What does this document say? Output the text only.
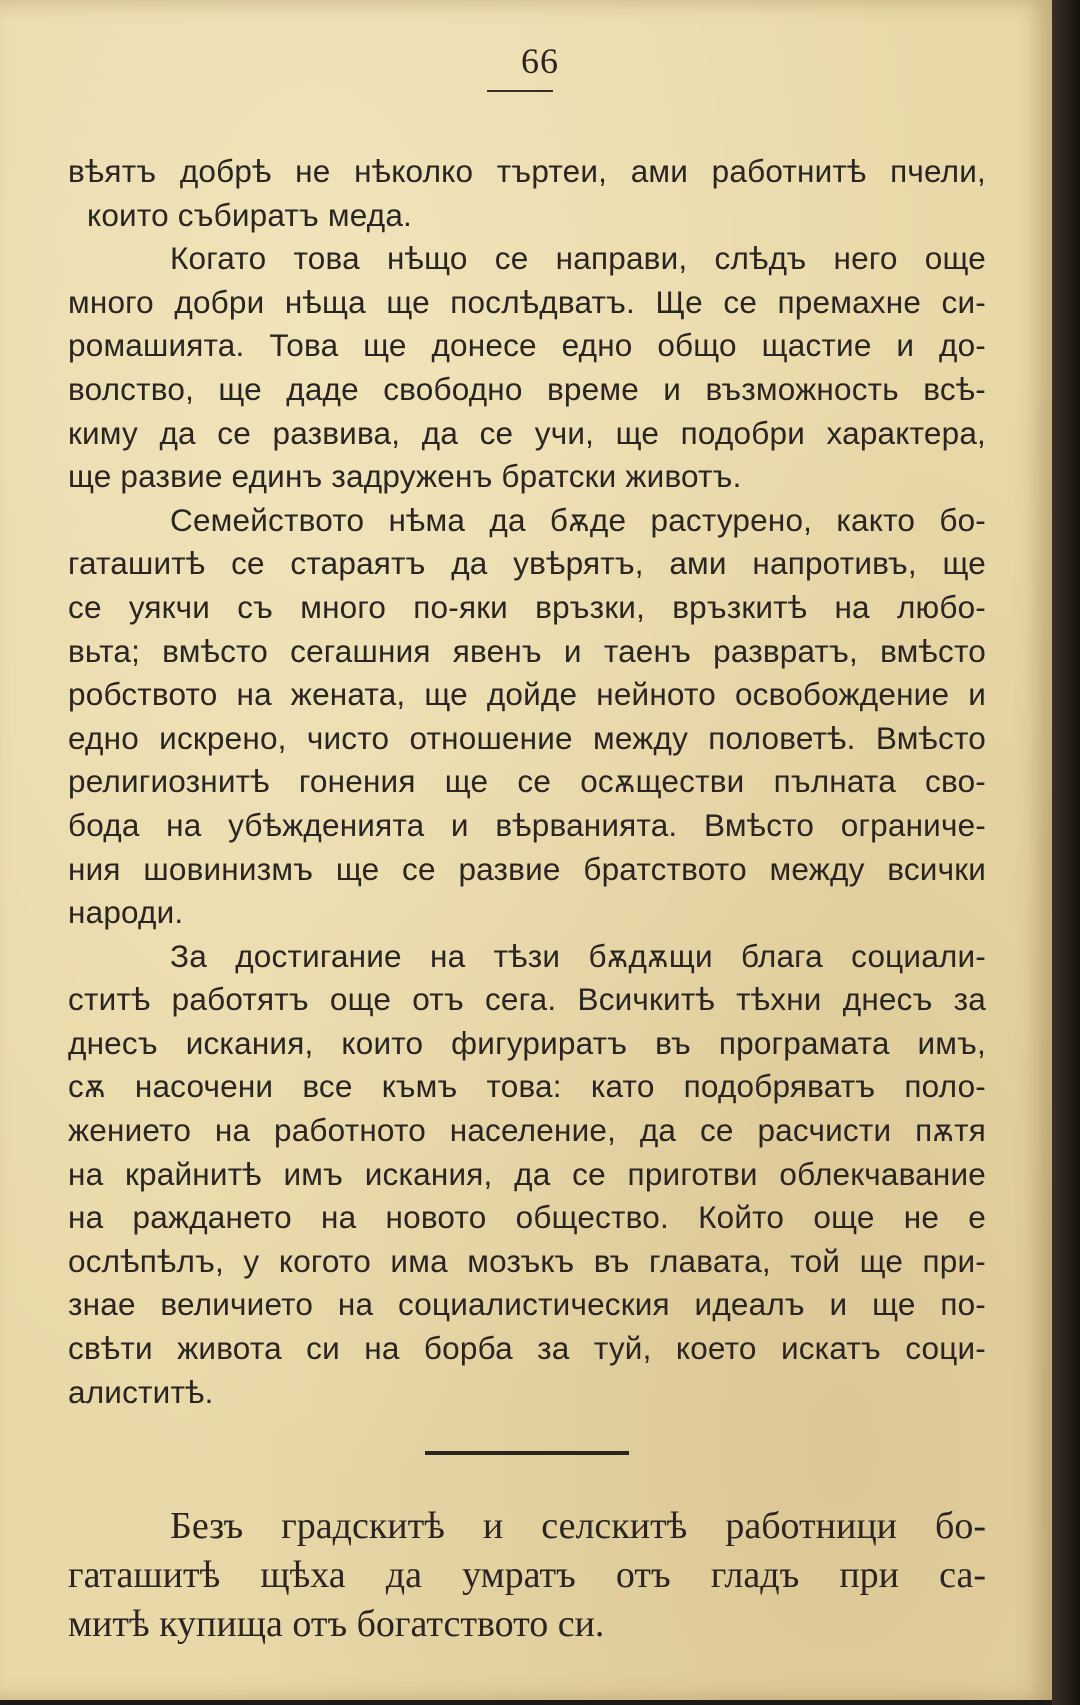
66
вѣятъ добрѣ не нѣколко търтеи, ами работнитѣ пчели,
които събиратъ меда.
Когато това нѣщо се направи, слѣдъ него още
много добри нѣща ще послѣдватъ. Ще се премахне си-
ромашията. Това ще донесе едно общо щастие и до-
волство, ще даде свободно време и възможность всѣ-
киму да се развива, да се учи, ще подобри характера,
ще развие единъ задруженъ братски животъ.
Семейството нѣма да бѫде растурено, както бо-
гаташитѣ се стараятъ да увѣрятъ, ами напротивъ, ще
се уякчи съ много по-яки връзки, връзкитѣ на любо-
вьта; вмѣсто сегашния явенъ и таенъ развратъ, вмѣсто
робството на жената, ще дойде нейното освобождение и
едно искрено, чисто отношение между половетѣ. Вмѣсто
религиознитѣ гонения ще се осѫществи пълната сво-
бода на убѣжденията и вѣрванията. Вмѣсто ограниче-
ния шовинизмъ ще се развие братството между всички
народи.
За достигание на тѣзи бѫдѫщи блага социали-
ститѣ работятъ още отъ сега. Всичкитѣ тѣхни днесъ за
днесъ искания, които фигуриратъ въ програмата имъ,
сѫ насочени все къмъ това: като подобряватъ поло-
жението на работното население, да се расчисти пѫтя
на крайнитѣ имъ искания, да се приготви облекчавание
на раждането на новото общество. Който още не е
ослѣпѣлъ, у когото има мозъкъ въ главата, той ще при-
знае величието на социалистическия идеалъ и ще по-
свѣти живота си на борба за туй, което искатъ соци-
алиститѣ.
Безъ градскитѣ и селскитѣ работници бо-
гаташитѣ щѣха да умратъ отъ гладъ при са-
митѣ купища отъ богатството си.
